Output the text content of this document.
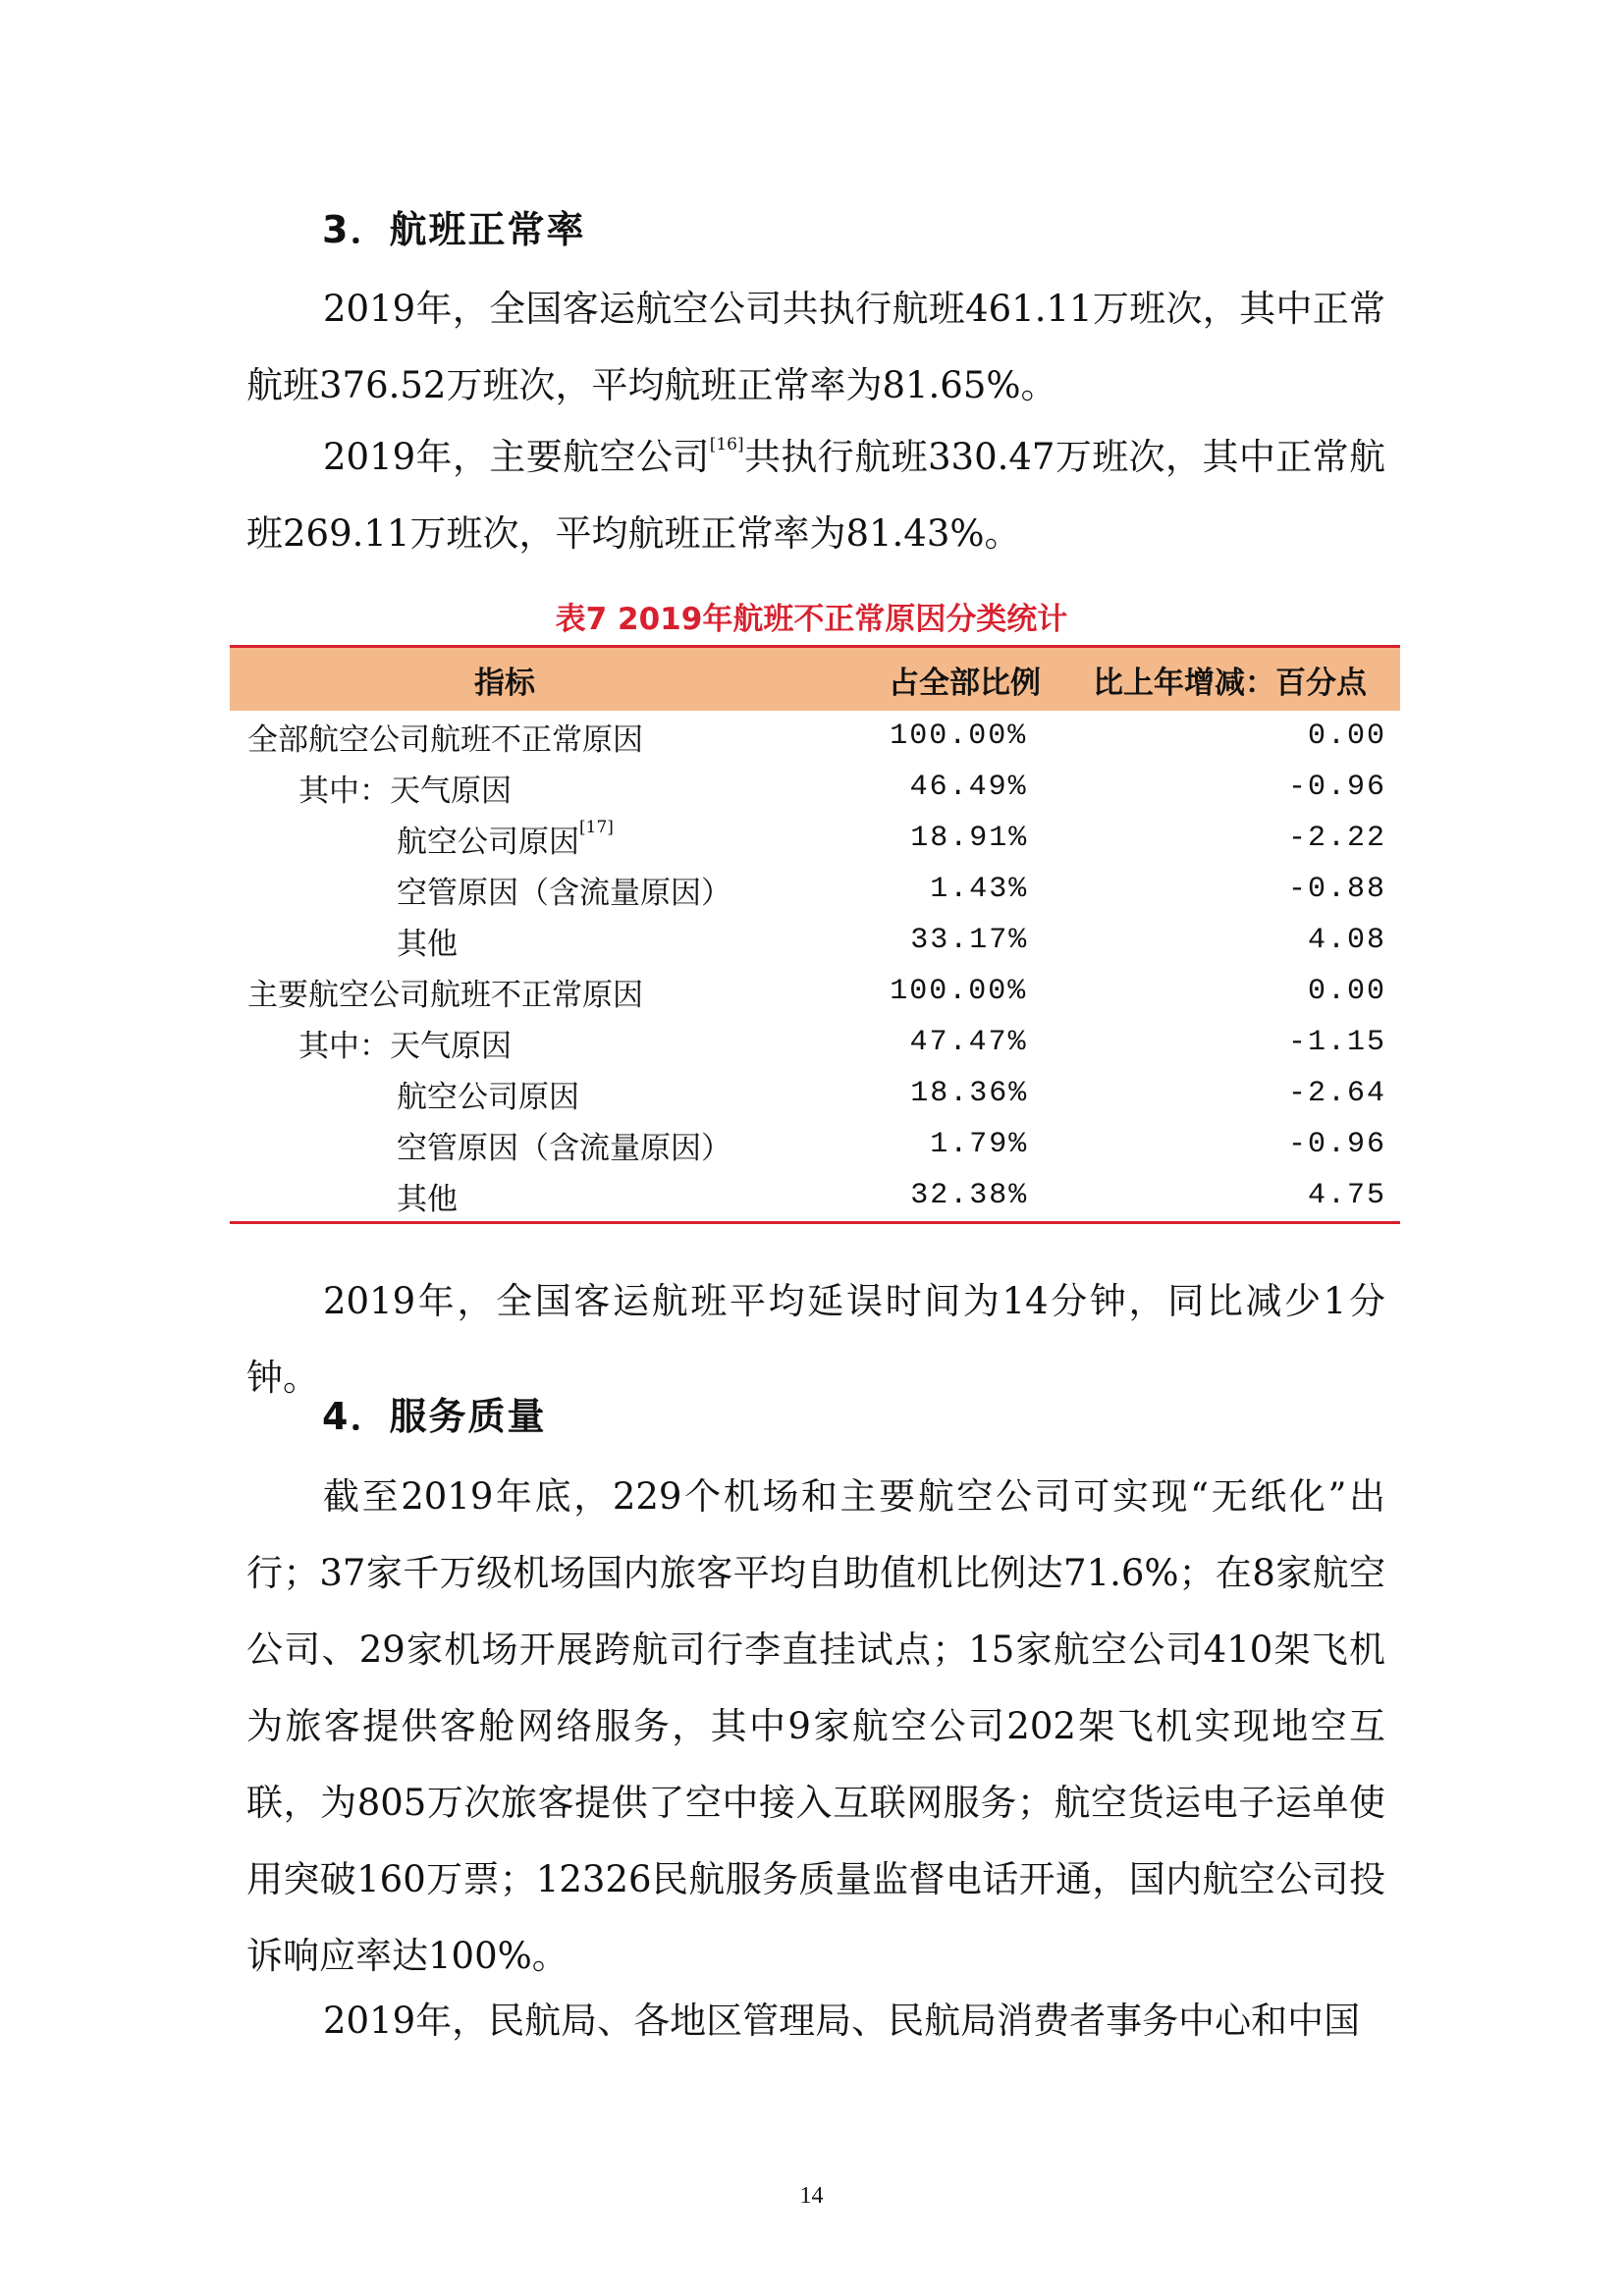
3．航班正常率

2019年，全国客运航空公司共执行航班461.11万班次，其中正常航班376.52万班次，平均航班正常率为81.65%。

2019年，主要航空公司[16]共执行航班330.47万班次，其中正常航班269.11万班次，平均航班正常率为81.43%。

表7 2019年航班不正常原因分类统计
指标	占全部比例	比上年增减：百分点
全部航空公司航班不正常原因	100.00%	0.00
其中：天气原因	46.49%	-0.96
航空公司原因[17]	18.91%	-2.22
空管原因（含流量原因）	1.43%	-0.88
其他	33.17%	4.08
主要航空公司航班不正常原因	100.00%	0.00
其中：天气原因	47.47%	-1.15
航空公司原因	18.36%	-2.64
空管原因（含流量原因）	1.79%	-0.96
其他	32.38%	4.75

2019年，全国客运航班平均延误时间为14分钟，同比减少1分钟。

4．服务质量

截至2019年底，229个机场和主要航空公司可实现“无纸化”出行；37家千万级机场国内旅客平均自助值机比例达71.6%；在8家航空公司、29家机场开展跨航司行李直挂试点；15家航空公司410架飞机为旅客提供客舱网络服务，其中9家航空公司202架飞机实现地空互联，为805万次旅客提供了空中接入互联网服务；航空货运电子运单使用突破160万票；12326民航服务质量监督电话开通，国内航空公司投诉响应率达100%。

2019年，民航局、各地区管理局、民航局消费者事务中心和中国

14
